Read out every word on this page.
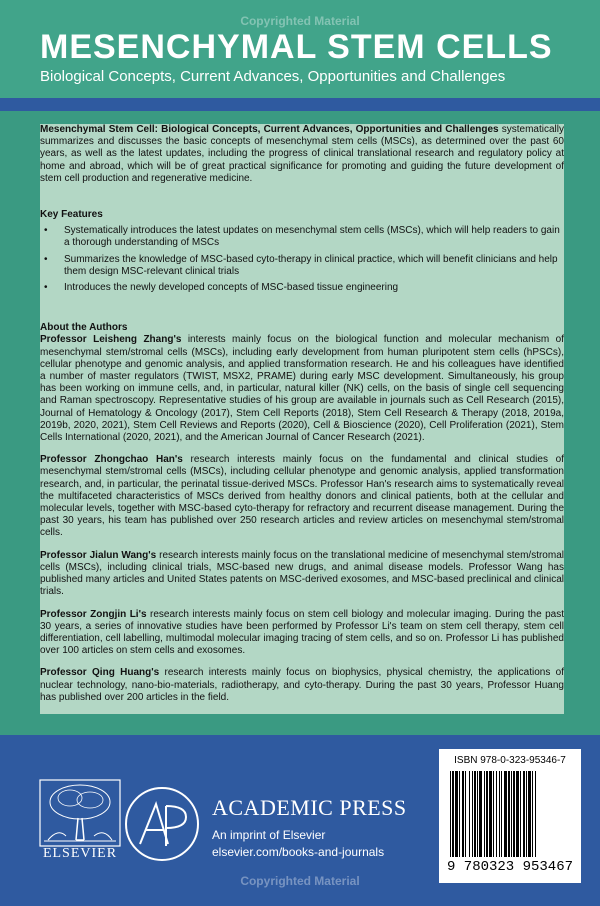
Copyrighted Material
MESENCHYMAL STEM CELLS

Biological Concepts, Current Advances, Opportunities and Challenges

Mesenchymal Stem Cell: Biological Concepts, Current Advances, Opportunities and Challenges systematically summarizes and discusses the basic concepts of mesenchymal stem cells (MSCs), as determined over the past 60 years, as well as the latest updates, including the progress of clinical translational research and regulatory policy at home and abroad, which will be of great practical significance for promoting and guiding the future development of stem cell production and regenerative medicine.

Key Features

• Systematically introduces the latest updates on mesenchymal stem cells (MSCs), which will help readers to gain a thorough understanding of MSCs
• Summarizes the knowledge of MSC-based cyto-therapy in clinical practice, which will benefit clinicians and help them design MSC-relevant clinical trials
• Introduces the newly developed concepts of MSC-based tissue engineering

About the Authors

Professor Leisheng Zhang's interests mainly focus on the biological function and molecular mechanism of mesenchymal stem/stromal cells (MSCs), including early development from human pluripotent stem cells (hPSCs), cellular phenotype and genomic analysis, and applied transformation research. He and his colleagues have identified a number of master regulators (TWIST, MSX2, PRAME) during early MSC development. Simultaneously, his group has been working on immune cells, and, in particular, natural killer (NK) cells, on the basis of single cell sequencing and Raman spectroscopy. Representative studies of his group are available in journals such as Cell Research (2015), Journal of Hematology & Oncology (2017), Stem Cell Reports (2018), Stem Cell Research & Therapy (2018, 2019a, 2019b, 2020, 2021), Stem Cell Reviews and Reports (2020), Cell & Bioscience (2020), Cell Proliferation (2021), Stem Cells International (2020, 2021), and the American Journal of Cancer Research (2021).

Professor Zhongchao Han's research interests mainly focus on the fundamental and clinical studies of mesenchymal stem/stromal cells (MSCs), including cellular phenotype and genomic analysis, applied transformation research, and, in particular, the perinatal tissue-derived MSCs. Professor Han's research aims to systematically reveal the multifaceted characteristics of MSCs derived from healthy donors and clinical patients, both at the cellular and molecular levels, together with MSC-based cyto-therapy for refractory and recurrent disease management. During the past 30 years, his team has published over 250 research articles and review articles on mesenchymal stem/stromal cells.

Professor Jialun Wang's research interests mainly focus on the translational medicine of mesenchymal stem/stromal cells (MSCs), including clinical trials, MSC-based new drugs, and animal disease models. Professor Wang has published many articles and United States patents on MSC-derived exosomes, and MSC-based preclinical and clinical trials.

Professor Zongjin Li's research interests mainly focus on stem cell biology and molecular imaging. During the past 30 years, a series of innovative studies have been performed by Professor Li's team on stem cell therapy, stem cell differentiation, cell labelling, multimodal molecular imaging tracing of stem cells, and so on. Professor Li has published over 100 articles on stem cells and exosomes.

Professor Qing Huang's research interests mainly focus on biophysics, physical chemistry, the applications of nuclear technology, nano-bio-materials, radiotherapy, and cyto-therapy. During the past 30 years, Professor Huang has published over 200 articles in the field.

ELSEVIER

ACADEMIC PRESS

An imprint of Elsevier

elsevier.com/books-and-journals

ISBN 978-0-323-95346-7
9 780323 953467
Copyrighted Material
